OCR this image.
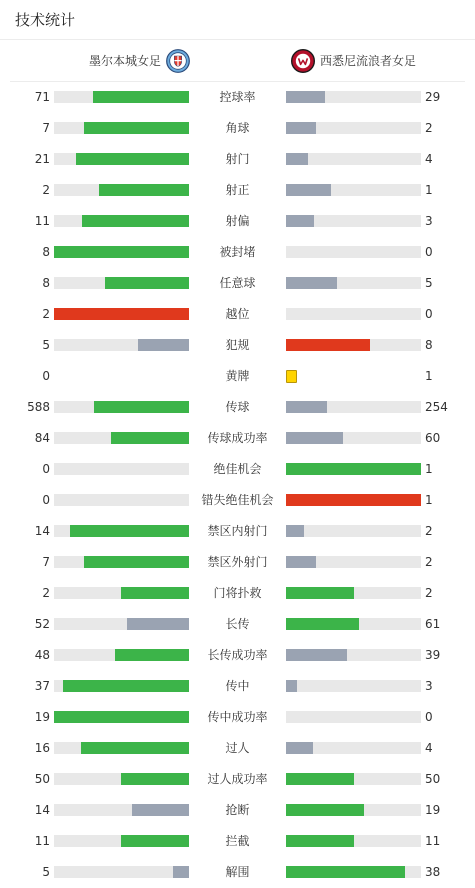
技术统计
墨尔本城女足	西悉尼流浪者女足
71	控球率	29
7	角球	2
21	射门	4
2	射正	1
11	射偏	3
8	被封堵	0
8	任意球	5
2	越位	0
5	犯规	8
0	黄牌	1
588	传球	254
84	传球成功率	60
0	绝佳机会	1
0	错失绝佳机会	1
14	禁区内射门	2
7	禁区外射门	2
2	门将扑救	2
52	长传	61
48	长传成功率	39
37	传中	3
19	传中成功率	0
16	过人	4
50	过人成功率	50
14	抢断	19
11	拦截	11
5	解围	38
